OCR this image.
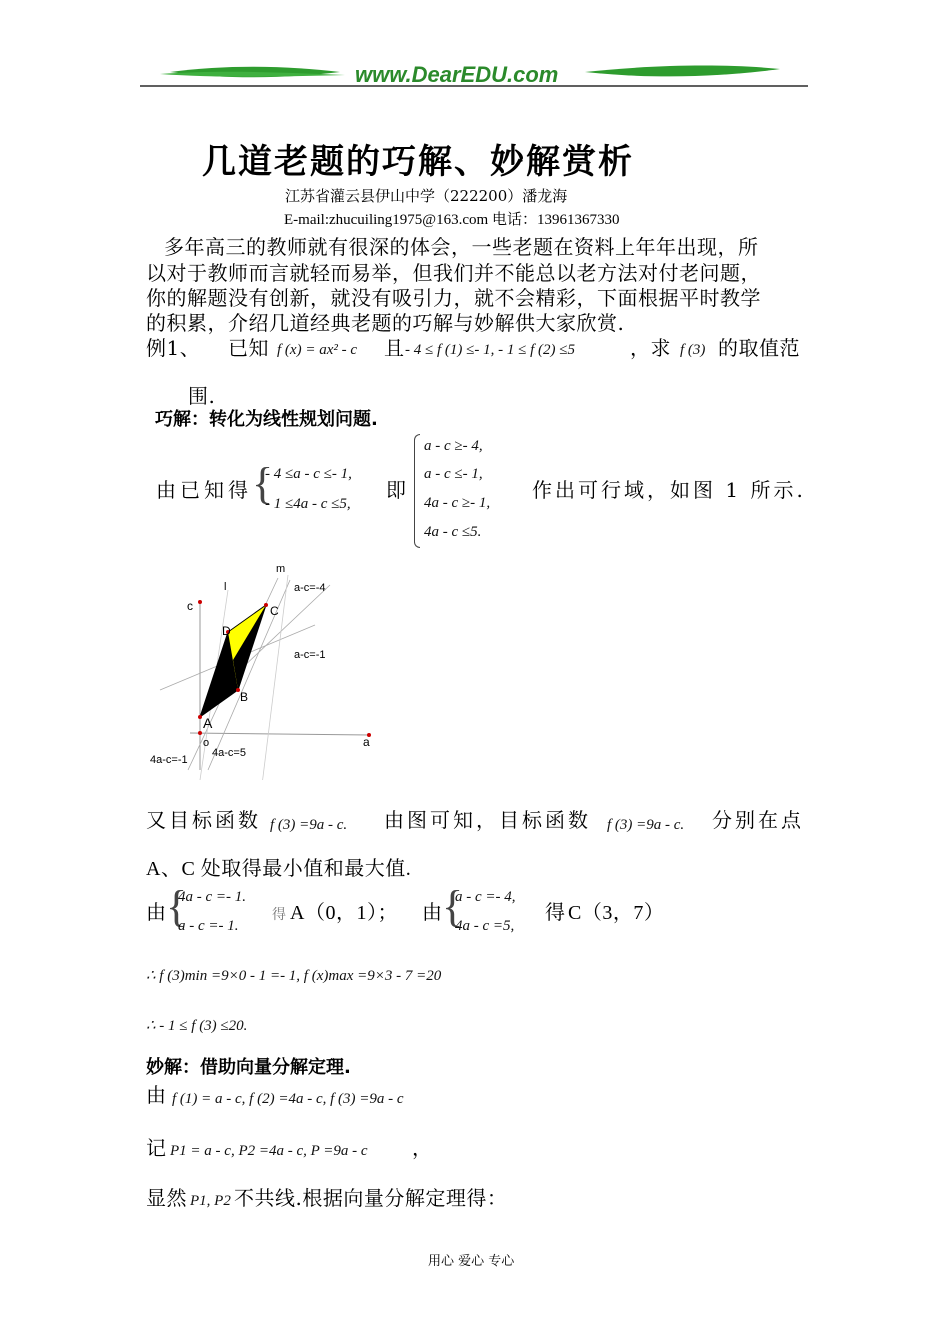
www.DearEDU.com
几道老题的巧解、妙解赏析
江苏省灌云县伊山中学（222200）潘龙海
E-mail:zhucuiling1975@163.com 电话：13961367330
多年高三的教师就有很深的体会，一些老题在资料上年年出现，所
以对于教师而言就轻而易举，但我们并不能总以老方法对付老问题，
你的解题没有创新，就没有吸引力，就不会精彩，下面根据平时教学
的积累，介绍几道经典老题的巧解与妙解供大家欣赏.
例1、 已知 f (x) = ax² - c 且 - 4 ≤ f (1) ≤- 1, - 1 ≤ f (2) ≤5	，求 f (3) 的取值范
围.
巧解：转化为线性规划问题.
由已知得 {
- 4 ≤a - c ≤- 1,
- 1 ≤4a - c ≤5,
即
a - c ≥- 4,
a - c ≤- 1,
4a - c ≥- 1,
4a - c ≤5.
作出可行域，如图 1 所示.
m
l
c
a
o
A
B
C
D
a-c=-4
a-c=-1
4a-c=-1
4a-c=5
又目标函数 f (3) =9a - c. 由图可知，目标函数 f (3) =9a - c. 分别在点
A、C 处取得最小值和最大值.
由 {
4a - c =- 1.
a - c =- 1.
得 A（0，1）； 由 {
a - c =- 4,
4a - c =5,
得 C（3，7）
∴ f (3)min =9×0 - 1 =- 1, f (x)max =9×3 - 7 =20
∴ - 1 ≤ f (3) ≤20.
妙解：借助向量分解定理.
由 f (1) = a - c, f (2) =4a - c, f (3) =9a - c
记 P1 = a - c, P2 =4a - c, P =9a - c ，
显然 P1, P2 不共线.根据向量分解定理得：
用心 爱心 专心
